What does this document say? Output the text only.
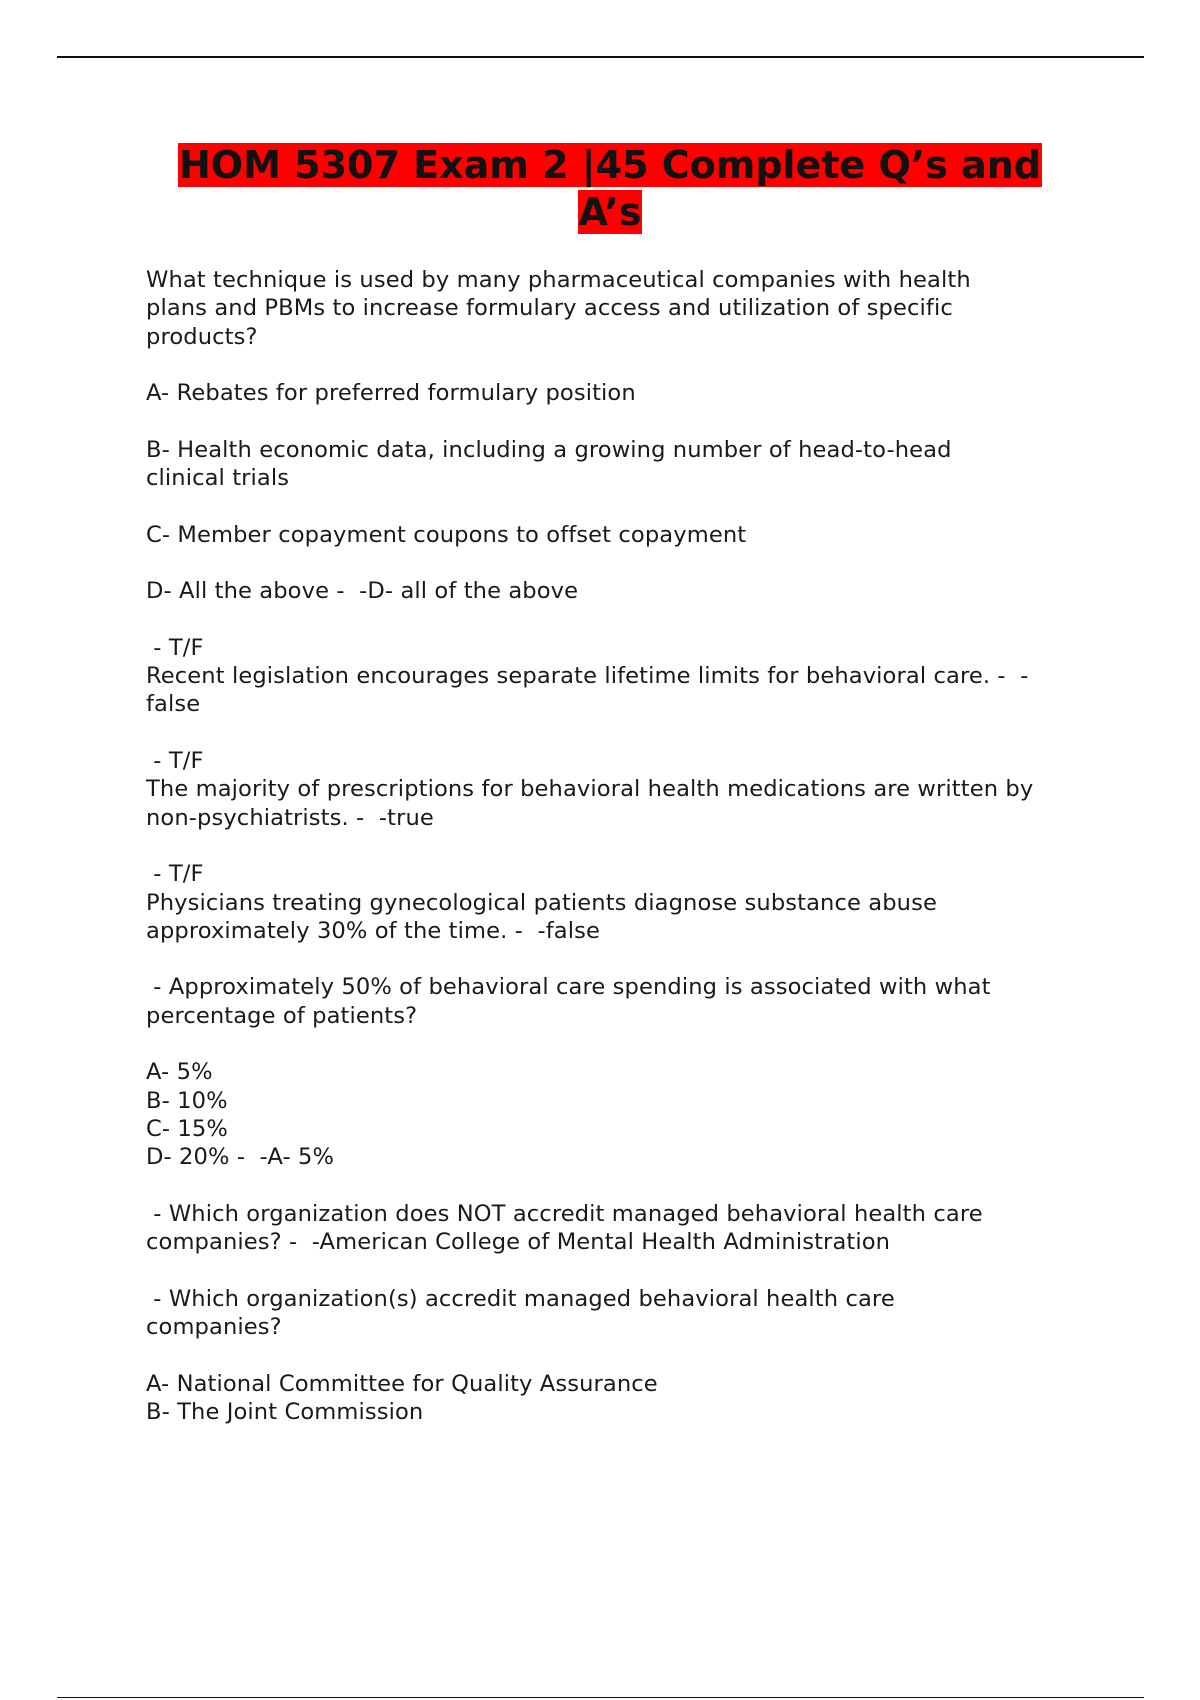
HOM 5307 Exam 2 |45 Complete Q’s and
A’s
What technique is used by many pharmaceutical companies with health
plans and PBMs to increase formulary access and utilization of specific
products?
A- Rebates for preferred formulary position
B- Health economic data, including a growing number of head-to-head
clinical trials
C- Member copayment coupons to offset copayment
D- All the above -  -D- all of the above
- T/F
Recent legislation encourages separate lifetime limits for behavioral care. -  -
false
- T/F
The majority of prescriptions for behavioral health medications are written by
non-psychiatrists. -  -true
- T/F
Physicians treating gynecological patients diagnose substance abuse
approximately 30% of the time. -  -false
- Approximately 50% of behavioral care spending is associated with what
percentage of patients?
A- 5%
B- 10%
C- 15%
D- 20% -  -A- 5%
- Which organization does NOT accredit managed behavioral health care
companies? -  -American College of Mental Health Administration
- Which organization(s) accredit managed behavioral health care
companies?
A- National Committee for Quality Assurance
B- The Joint Commission
